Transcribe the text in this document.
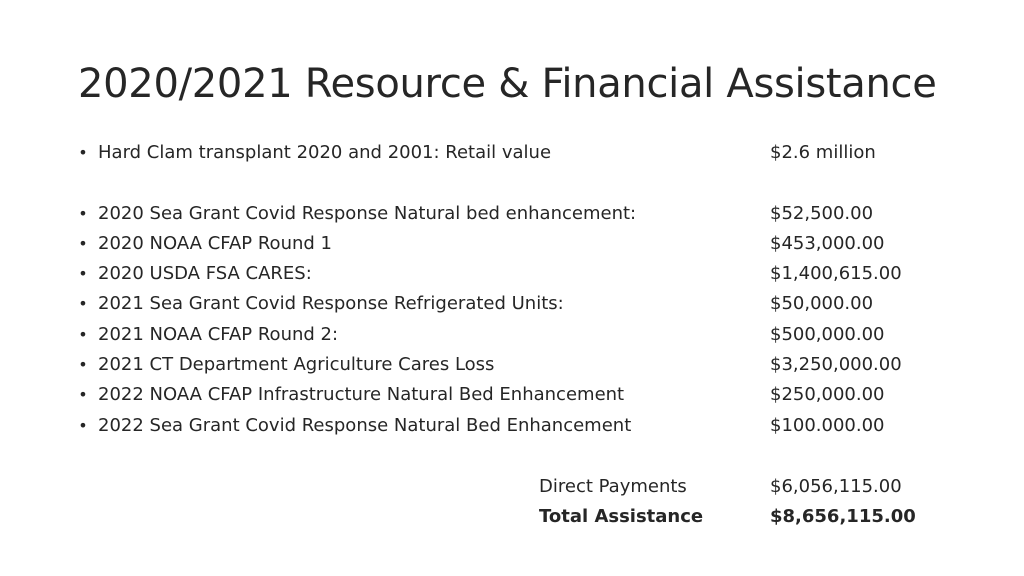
2020/2021 Resource & Financial Assistance
• Hard Clam transplant 2020 and 2001: Retail value	$2.6 million
• 2020 Sea Grant Covid Response Natural bed enhancement:	$52,500.00
• 2020 NOAA CFAP Round 1	$453,000.00
• 2020 USDA FSA CARES:	$1,400,615.00
• 2021 Sea Grant Covid Response Refrigerated Units:	$50,000.00
• 2021 NOAA CFAP Round 2:	$500,000.00
• 2021 CT Department Agriculture Cares Loss	$3,250,000.00
• 2022 NOAA CFAP Infrastructure Natural Bed Enhancement	$250,000.00
• 2022 Sea Grant Covid Response Natural Bed Enhancement	$100.000.00
Direct Payments	$6,056,115.00
Total Assistance	$8,656,115.00
